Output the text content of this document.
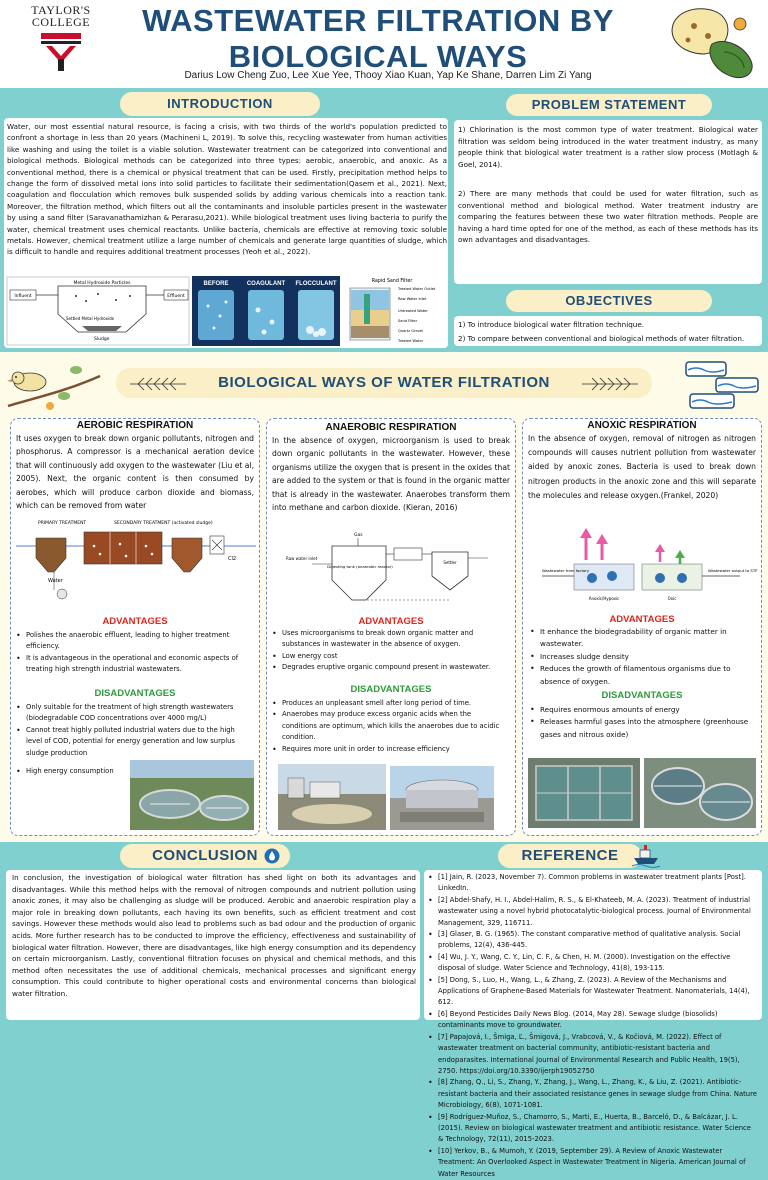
TAYLOR'S COLLEGE	WASTEWATER FILTRATION BY
BIOLOGICAL WAYS
Darius Low Cheng Zuo, Lee Xue Yee, Thooy Xiao Kuan, Yap Ke Shane, Darren Lim Zi Yang
INTRODUCTION
Water, our most essential natural resource, is facing a crisis, with two thirds of the world's population predicted to confront a shortage in less than 20 years (Machineni L, 2019). To solve this, recycling wastewater from human activities like washing and using the toilet is a viable solution. Wastewater treatment can be categorized into conventional and biological methods. Biological methods can be categorized into three types: aerobic, anaerobic, and anoxic. As a conventional method, there is a chemical or physical treatment that can be used. Firstly, precipitation method helps to change the form of dissolved metal ions into solid particles to facilitate their sedimentation(Qasem et al., 2021). Next, coagulation and flocculation which removes bulk suspended solids by adding various chemicals into a reaction tank. Moreover, the filtration method, which filters out all the contaminants and insoluble particles present in the wastewater by using a sand filter (Saravanathamizhan & Perarasu,2021). While biological treatment uses living bacteria to purify the water, chemical treatment uses chemical reactants. Unlike bacteria, chemicals are effective at removing toxic soluble metals. However, chemical treatment utilize a large number of chemicals and generate large quantities of sludge, which is difficult to handle and requires additional treatment processes (Yeoh et al., 2022).
Influent
Metal Hydroxide Particles
Settled Metal Hydroxide
Sludge
Effluent
BEFORE	COAGULANT FLOCCULANT	Rapid Sand Filter
Treated Water Outlet
Raw Water Inlet
Untreated Water
Sand Filter
Quartz Gravel
Treated Water
PROBLEM STATEMENT
1) Chlorination is the most common type of water treatment. Biological water filtration was seldom being introduced in the water treatment industry, as many people think that biological water treatment is a rather slow process (Motlagh & Goel, 2014).
2) There are many methods that could be used for water filtration, such as conventional method and biological method. Water treatment industry are comparing the features between these two water filtration methods. People are having a hard time opted for one of the method, as each of these methods has its own advantages and disadvantages.
OBJECTIVES
1) To introduce biological water filtration technique.
2) To compare between conventional and biological methods of water filtration.
BIOLOGICAL WAYS OF WATER FILTRATION
AEROBIC RESPIRATION
It uses oxygen to break down organic pollutants, nitrogen and phosphorus. A compressor is a mechanical aeration device that will continuously add oxygen to the wastewater (Liu et al, 2005). Next, the organic content is then consumed by aerobes, which will produce carbon dioxide and biomass, which can be removed from water
PRIMARY TREATMENT	SECONDARY TREATMENT (activated sludge)
Cl2
Water
ADVANTAGES
• Polishes the anaerobic effluent, leading to higher treatment efficiency.
• It is advantageous in the operational and economic aspects of treating high strength industrial wastewaters.
DISADVANTAGES
• Only suitable for the treatment of high strength wastewaters (biodegradable COD concentrations over 4000 mg/L)
• Cannot treat highly polluted industrial waters due to the high level of COD, potential for energy generation and low surplus sludge production
• High energy consumption
ANAEROBIC RESPIRATION
In the absence of oxygen, microorganism is used to break down organic pollutants in the wastewater. However, these organisms utilize the oxygen that is present in the oxides that are added to the system or that is found in the organic matter that is already in the wastewater. Anaerobes transform them into methane and carbon dioxide. (Kieran, 2016)
Gas
Digesting tank (anaerobic reactor)
Raw water inlet
Settler
ADVANTAGES
• Uses microorganisms to break down organic matter and substances in wastewater in the absence of oxygen.
• Low energy cost
• Degrades eruptive organic compound present in wastewater.
DISADVANTAGES
• Produces an unpleasant smell after long period of time.
• Anaerobes may produce excess organic acids when the conditions are optimum, which kills the anaerobes due to acidic condition.
• Requires more unit in order to increase efficiency
ANOXIC RESPIRATION
In the absence of oxygen, removal of nitrogen as nitrogen compounds will causes nutrient pollution from wastewater aided by anoxic zones. Bacteria is used to break down nitrogen products in the anoxic zone and this will separate the molecules and release oxygen.(Frankel, 2020)
Wastewater from factory	Wastewater output to STP
Anoxic/Hypoxic	Oxic
ADVANTAGES
• It enhance the biodegradability of organic matter in wastewater.
• Increases sludge density
• Reduces the growth of filamentous organisms due to absence of oxygen.
DISADVANTAGES
• Requires enormous amounts of energy
• Releases harmful gases into the atmosphere (greenhouse gases and nitrous oxide)
CONCLUSION
In conclusion, the investigation of biological water filtration has shed light on both its advantages and disadvantages. While this method helps with the removal of nitrogen compounds and nutrient pollution using anoxic zones, it may also be challenging as sludge will be produced. Aerobic and anaerobic respiration play a major role in breaking down pollutants, each having its own benefits, such as efficient treatment and cost savings. However these methods would also lead to problems such as bad odour and the production of organic acids. More further research has to be conducted to improve the efficiency, effectiveness and sustainability of biological water filtration. However, there are disadvantages, like high energy consumption and its dependency on certain microorganism. Lastly, conventional filtration focuses on physical and chemical methods, and this method often necessitates the use of additional chemicals, mechanical processes and significant energy consumption. This could contribute to higher operational costs and environmental concerns than biological water filtration.
REFERENCE
• [1] Jain, R. (2023, November 7). Common problems in wastewater treatment plants [Post]. LinkedIn.
• [2] Abdel-Shafy, H. I., Abdel-Halim, R. S., & El-Khateeb, M. A. (2023). Treatment of industrial wastewater using a novel hybrid photocatalytic-biological process. Journal of Environmental Management, 329, 116711.
• [3] Glaser, B. G. (1965). The constant comparative method of qualitative analysis. Social problems, 12(4), 436-445.
• [4] Wu, J. Y., Wang, C. Y., Lin, C. F., & Chen, H. M. (2000). Investigation on the effective disposal of sludge. Water Science and Technology, 41(8), 193-115.
• [5] Dong, S., Luo, H., Wang, L., & Zhang, Z. (2023). A Review of the Mechanisms and Applications of Graphene-Based Materials for Wastewater Treatment. Nanomaterials, 14(4), 612.
• [6] Beyond Pesticides Daily News Blog. (2014, May 28). Sewage sludge (biosolids) contaminants move to groundwater.
• [7] Papajová, I., Šmiga, Ľ., Šmigová, J., Vrabcová, V., & Kočiová, M. (2022). Effect of wastewater treatment on bacterial community, antibiotic-resistant bacteria and endoparasites. International Journal of Environmental Research and Public Health, 19(5), 2750. https://doi.org/10.3390/ijerph19052750
• [8] Zhang, Q., Li, S., Zhang, Y., Zhang, J., Wang, L., Zhang, K., & Liu, Z. (2021). Antibiotic-resistant bacteria and their associated resistance genes in sewage sludge from China. Nature Microbiology, 6(8), 1071-1081.
• [9] Rodríguez-Muñoz, S., Chamorro, S., Marti, E., Huerta, B., Barceló, D., & Balcázar, J. L. (2015). Review on biological wastewater treatment and antibiotic resistance. Water Science & Technology, 72(11), 2015-2023.
• [10] Yerkov, B., & Mumoh, Y. (2019, September 29). A Review of Anoxic Wastewater Treatment: An Overlooked Aspect in Wastewater Treatment in Nigeria. American Journal of Water Resources
